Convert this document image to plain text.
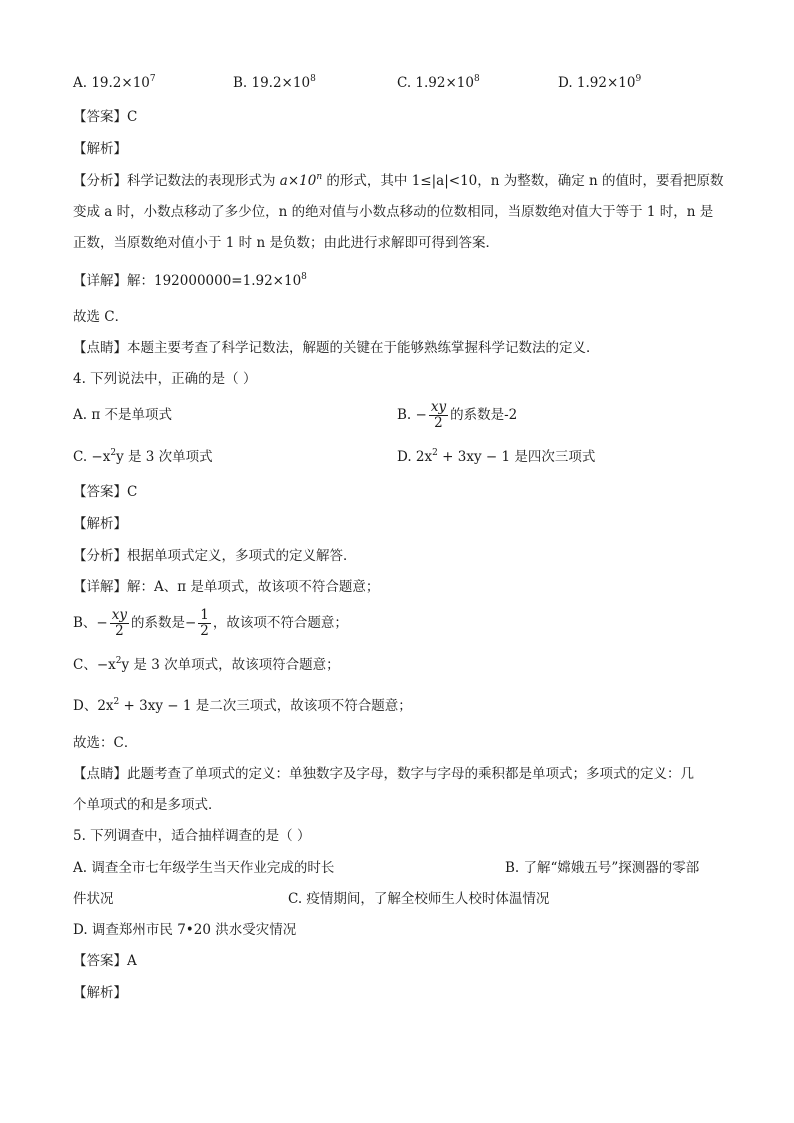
A. $19.2\times 10^7$	B. $19.2\times 10^8$	C. $1.92\times 10^8$	D. $1.92\times 10^9$
【答案】C
【解析】
【分析】科学记数法的表现形式为 $a\times 10^n$ 的形式，其中 1≤|a|<10，n 为整数，确定 n 的值时，要看把原数
变成 a 时，小数点移动了多少位，n 的绝对值与小数点移动的位数相同，当原数绝对值大于等于 1 时，n 是
正数，当原数绝对值小于 1 时 n 是负数；由此进行求解即可得到答案．
【详解】解：$192000000=1.92\times 10^8$
故选 C．
【点睛】本题主要考查了科学记数法，解题的关键在于能够熟练掌握科学记数法的定义．
4. 下列说法中，正确的是（ ）
A. π 不是单项式	B. − $\frac{xy}{2}$ 的系数是-2
C. $-x^2y$ 是 3 次单项式	D. $2x^2 + 3xy - 1$ 是四次三项式
【答案】C
【解析】
【分析】根据单项式定义，多项式的定义解答．
【详解】解：A、π 是单项式，故该项不符合题意；
B、− $\frac{xy}{2}$ 的系数是− $\frac{1}{2}$ ，故该项不符合题意；
C、$-x^2y$ 是 3 次单项式，故该项符合题意；
D、$2x^2 + 3xy - 1$ 是二次三项式，故该项不符合题意；
故选：C．
【点睛】此题考查了单项式的定义：单独数字及字母，数字与字母的乘积都是单项式；多项式的定义：几
个单项式的和是多项式．
5. 下列调查中，适合抽样调查的是（ ）
A. 调查全市七年级学生当天作业完成的时长	B. 了解“嫦娥五号”探测器的零部
件状况	C. 疫情期间，了解全校师生人校时体温情况
D. 调查郑州市民 7•20 洪水受灾情况
【答案】A
【解析】
